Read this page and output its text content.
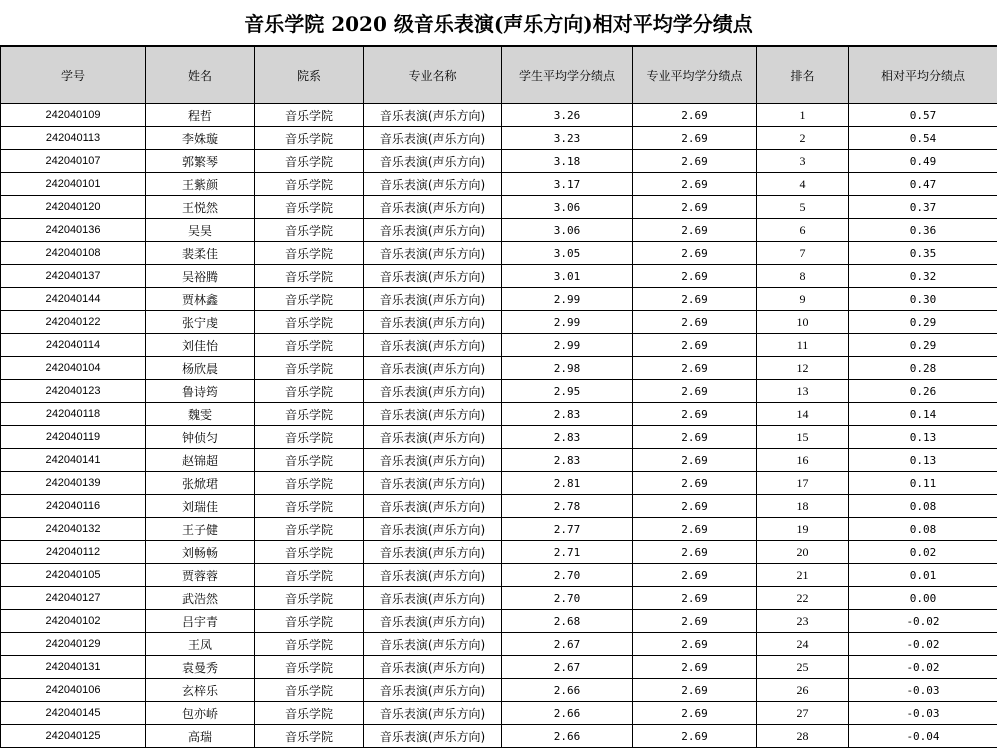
音乐学院 2020 级音乐表演(声乐方向)相对平均学分绩点
学号	姓名	院系	专业名称	学生平均学分绩点	专业平均学分绩点	排名	相对平均分绩点
242040109	程哲	音乐学院	音乐表演(声乐方向)	3.26	2.69	1	0.57
242040113	李姝璇	音乐学院	音乐表演(声乐方向)	3.23	2.69	2	0.54
242040107	郭繁琴	音乐学院	音乐表演(声乐方向)	3.18	2.69	3	0.49
242040101	王紫颜	音乐学院	音乐表演(声乐方向)	3.17	2.69	4	0.47
242040120	王悦然	音乐学院	音乐表演(声乐方向)	3.06	2.69	5	0.37
242040136	吴昊	音乐学院	音乐表演(声乐方向)	3.06	2.69	6	0.36
242040108	裴柔佳	音乐学院	音乐表演(声乐方向)	3.05	2.69	7	0.35
242040137	吴裕腾	音乐学院	音乐表演(声乐方向)	3.01	2.69	8	0.32
242040144	贾林鑫	音乐学院	音乐表演(声乐方向)	2.99	2.69	9	0.30
242040122	张宁虔	音乐学院	音乐表演(声乐方向)	2.99	2.69	10	0.29
242040114	刘佳怡	音乐学院	音乐表演(声乐方向)	2.99	2.69	11	0.29
242040104	杨欣晨	音乐学院	音乐表演(声乐方向)	2.98	2.69	12	0.28
242040123	鲁诗筠	音乐学院	音乐表演(声乐方向)	2.95	2.69	13	0.26
242040118	魏雯	音乐学院	音乐表演(声乐方向)	2.83	2.69	14	0.14
242040119	钟侦匀	音乐学院	音乐表演(声乐方向)	2.83	2.69	15	0.13
242040141	赵锦超	音乐学院	音乐表演(声乐方向)	2.83	2.69	16	0.13
242040139	张焮珺	音乐学院	音乐表演(声乐方向)	2.81	2.69	17	0.11
242040116	刘瑞佳	音乐学院	音乐表演(声乐方向)	2.78	2.69	18	0.08
242040132	王子健	音乐学院	音乐表演(声乐方向)	2.77	2.69	19	0.08
242040112	刘畅畅	音乐学院	音乐表演(声乐方向)	2.71	2.69	20	0.02
242040105	贾蓉蓉	音乐学院	音乐表演(声乐方向)	2.70	2.69	21	0.01
242040127	武浩然	音乐学院	音乐表演(声乐方向)	2.70	2.69	22	0.00
242040102	吕宇青	音乐学院	音乐表演(声乐方向)	2.68	2.69	23	-0.02
242040129	王凤	音乐学院	音乐表演(声乐方向)	2.67	2.69	24	-0.02
242040131	袁曼秀	音乐学院	音乐表演(声乐方向)	2.67	2.69	25	-0.02
242040106	玄梓乐	音乐学院	音乐表演(声乐方向)	2.66	2.69	26	-0.03
242040145	包亦峤	音乐学院	音乐表演(声乐方向)	2.66	2.69	27	-0.03
242040125	高瑞	音乐学院	音乐表演(声乐方向)	2.66	2.69	28	-0.04
